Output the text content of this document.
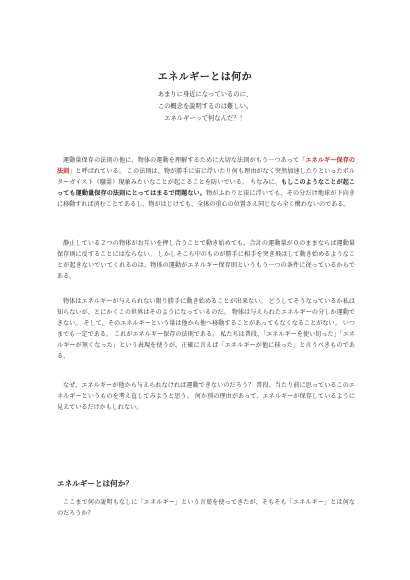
エネルギーとは何か
あまりに身近になっているのに、
この概念を説明するのは難しい。
エネルギーって何なんだ？！

運動量保存の法則の他に、物体の運動を理解するために大切な法則がもう一つあって「エネルギー保存の法則」と呼ばれている。 この法則は、物が勝手に宙に浮いたり何も理由がなく突然加速したりといったポルターガイスト（騒霊）現象みたいなことが起こることを防いでいる。 ちなみに、もしこのようなことが起こっても運動量保存の法則にとってはまるで問題ない。物がふわりと宙に浮いても、その分だけ地球が下向きに移動すれば済むことであるし、物がはじけても、全体の重心の位置さえ同じなら全く構わないのである。

静止している２つの物体がお互いを押し合うことで動き始めても、合計の運動量が０のままならば運動量保存則に反することにはならない。 しかしそこら中のものが勝手に相手を突き飛ばして動き始めるようなことが起きないでいてくれるのは、物体の運動がエネルギー保存則というもう一つの条件に従っているからである。

物体はエネルギーが与えられない限り勝手に動き始めることが出来ない。 どうしてそうなっているか私は知らないが、とにかくこの世界はそのようになっているのだ。 物体は与えられたエネルギーの分しか運動できない。 そして、そのエネルギーという量は他から他へ移動することがあってもなくなることがない。 いつまでも一定である。 これがエネルギー保存の法則である。 私たちは普段、「エネルギーを使い切った」「エネルギーが無くなった」という表現を使うが、正確に言えば「エネルギーが他に移った」と言うべきものである。

なぜ、エネルギーが他から与えられなければ運動できないのだろう？ 普段、当たり前に思っているこのエネルギーというものを考え直してみようと思う。 何か別の理由があって、エネルギーが保存しているように見えているだけかもしれない。

エネルギーとは何か？

ここまで何の説明もなしに「エネルギー」という言葉を使ってきたが、そもそも「エネルギー」とは何なのだろうか？
